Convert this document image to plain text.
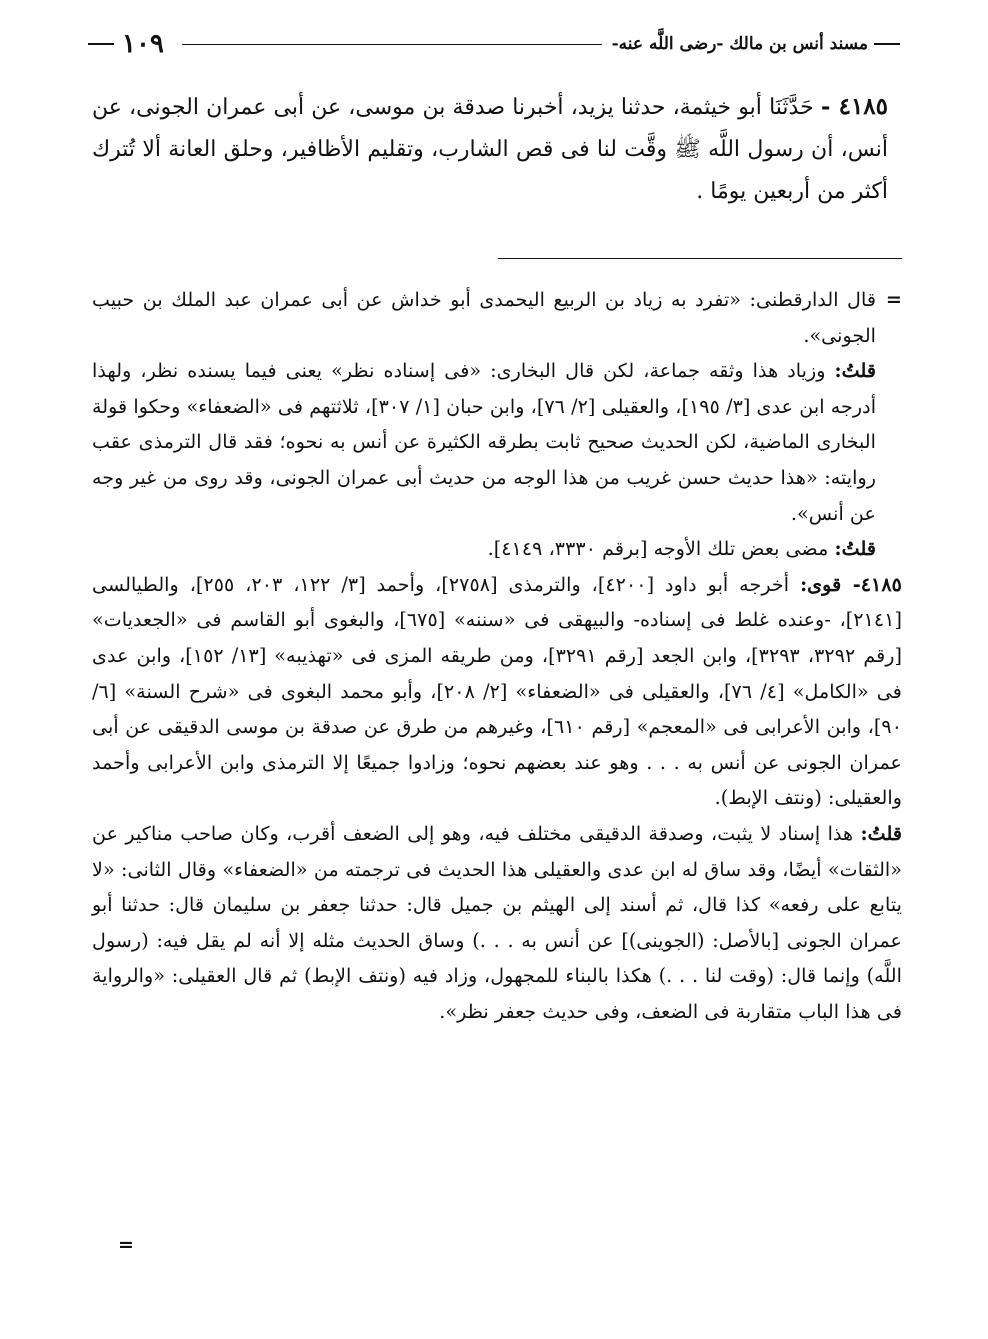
مسند أنس بن مالك -رضى اللَّه عنه-
١٠٩

٤١٨٥ - حَدَّثَنَا أبو خيثمة، حدثنا يزيد، أخبرنا صدقة بن موسى، عن أبى عمران الجونى، عن أنس، أن رسول اللَّه ﷺ وقَّت لنا فى قص الشارب، وتقليم الأظافير، وحلق العانة ألا تُترك أكثر من أربعين يومًا .

=
قال الدارقطنى: «تفرد به زياد بن الربيع اليحمدى أبو خداش عن أبى عمران عبد الملك بن حبيب الجونى».

قلتُ: وزياد هذا وثقه جماعة، لكن قال البخارى: «فى إسناده نظر» يعنى فيما يسنده نظر، ولهذا أدرجه ابن عدى [٣/ ١٩٥]، والعقيلى [٢/ ٧٦]، وابن حبان [١/ ٣٠٧]، ثلاثتهم فى «الضعفاء» وحكوا قولة البخارى الماضية، لكن الحديث صحيح ثابت بطرقه الكثيرة عن أنس به نحوه؛ فقد قال الترمذى عقب روايته: «هذا حديث حسن غريب من هذا الوجه من حديث أبى عمران الجونى، وقد روى من غير وجه عن أنس».

قلتُ: مضى بعض تلك الأوجه [برقم ٣٣٣٠، ٤١٤٩].

٤١٨٥- قوى: أخرجه أبو داود [٤٢٠٠]، والترمذى [٢٧٥٨]، وأحمد [٣/ ١٢٢، ٢٠٣، ٢٥٥]، والطيالسى [٢١٤١]، -وعنده غلط فى إسناده- والبيهقى فى «سننه» [٦٧٥]، والبغوى أبو القاسم فى «الجعديات» [رقم ٣٢٩٢، ٣٢٩٣]، وابن الجعد [رقم ٣٢٩١]، ومن طريقه المزى فى «تهذيبه» [١٣/ ١٥٢]، وابن عدى فى «الكامل» [٤/ ٧٦]، والعقيلى فى «الضعفاء» [٢/ ٢٠٨]، وأبو محمد البغوى فى «شرح السنة» [٦/ ٩٠]، وابن الأعرابى فى «المعجم» [رقم ٦١٠]، وغيرهم من طرق عن صدقة بن موسى الدقيقى عن أبى عمران الجونى عن أنس به . . . وهو عند بعضهم نحوه؛ وزادوا جميعًا إلا الترمذى وابن الأعرابى وأحمد والعقيلى: (ونتف الإبط).

قلتُ: هذا إسناد لا يثبت، وصدقة الدقيقى مختلف فيه، وهو إلى الضعف أقرب، وكان صاحب مناكير عن «الثقات» أيضًا، وقد ساق له ابن عدى والعقيلى هذا الحديث فى ترجمته من «الضعفاء» وقال الثانى: «لا يتابع على رفعه» كذا قال، ثم أسند إلى الهيثم بن جميل قال: حدثنا جعفر بن سليمان قال: حدثنا أبو عمران الجونى [بالأصل: (الجوينى)] عن أنس به . . .) وساق الحديث مثله إلا أنه لم يقل فيه: (رسول اللَّه) وإنما قال: (وقت لنا . . .) هكذا بالبناء للمجهول، وزاد فيه (ونتف الإبط) ثم قال العقيلى: «والرواية فى هذا الباب متقاربة فى الضعف، وفى حديث جعفر نظر».

=
